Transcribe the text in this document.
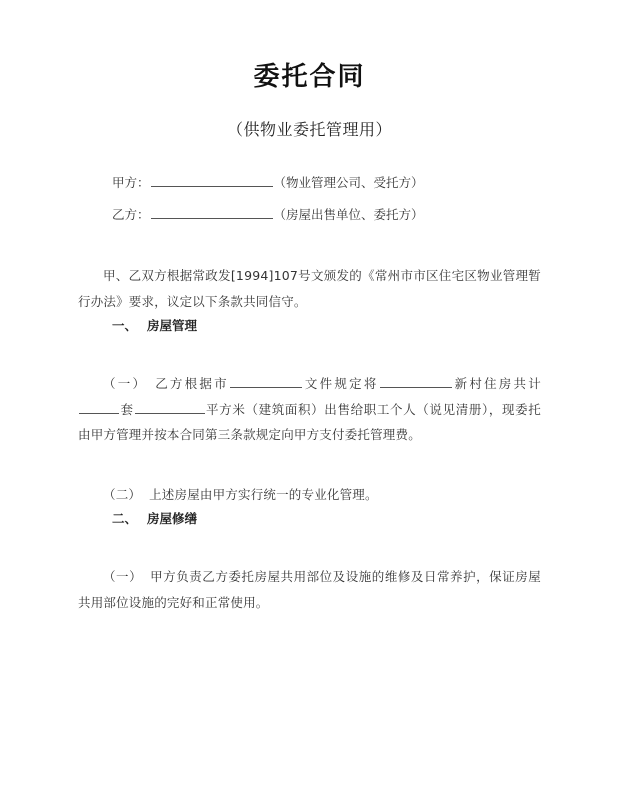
委托合同
（供物业委托管理用）
甲方：	（物业管理公司、受托方）
乙方：	（房屋出售单位、委托方）

甲、乙双方根据常政发[1994]107号文颁发的《常州市市区住宅区物业管理暂行办法》要求，议定以下条款共同信守。

一、 房屋管理

（一） 乙方根据市	文件规定将	新村住房共计套	平方米（建筑面积）出售给职工个人（说见清册），现委托由甲方管理并按本合同第三条款规定向甲方支付委托管理费。

（二） 上述房屋由甲方实行统一的专业化管理。

二、 房屋修缮

（一） 甲方负责乙方委托房屋共用部位及设施的维修及日常养护，保证房屋共用部位设施的完好和正常使用。
